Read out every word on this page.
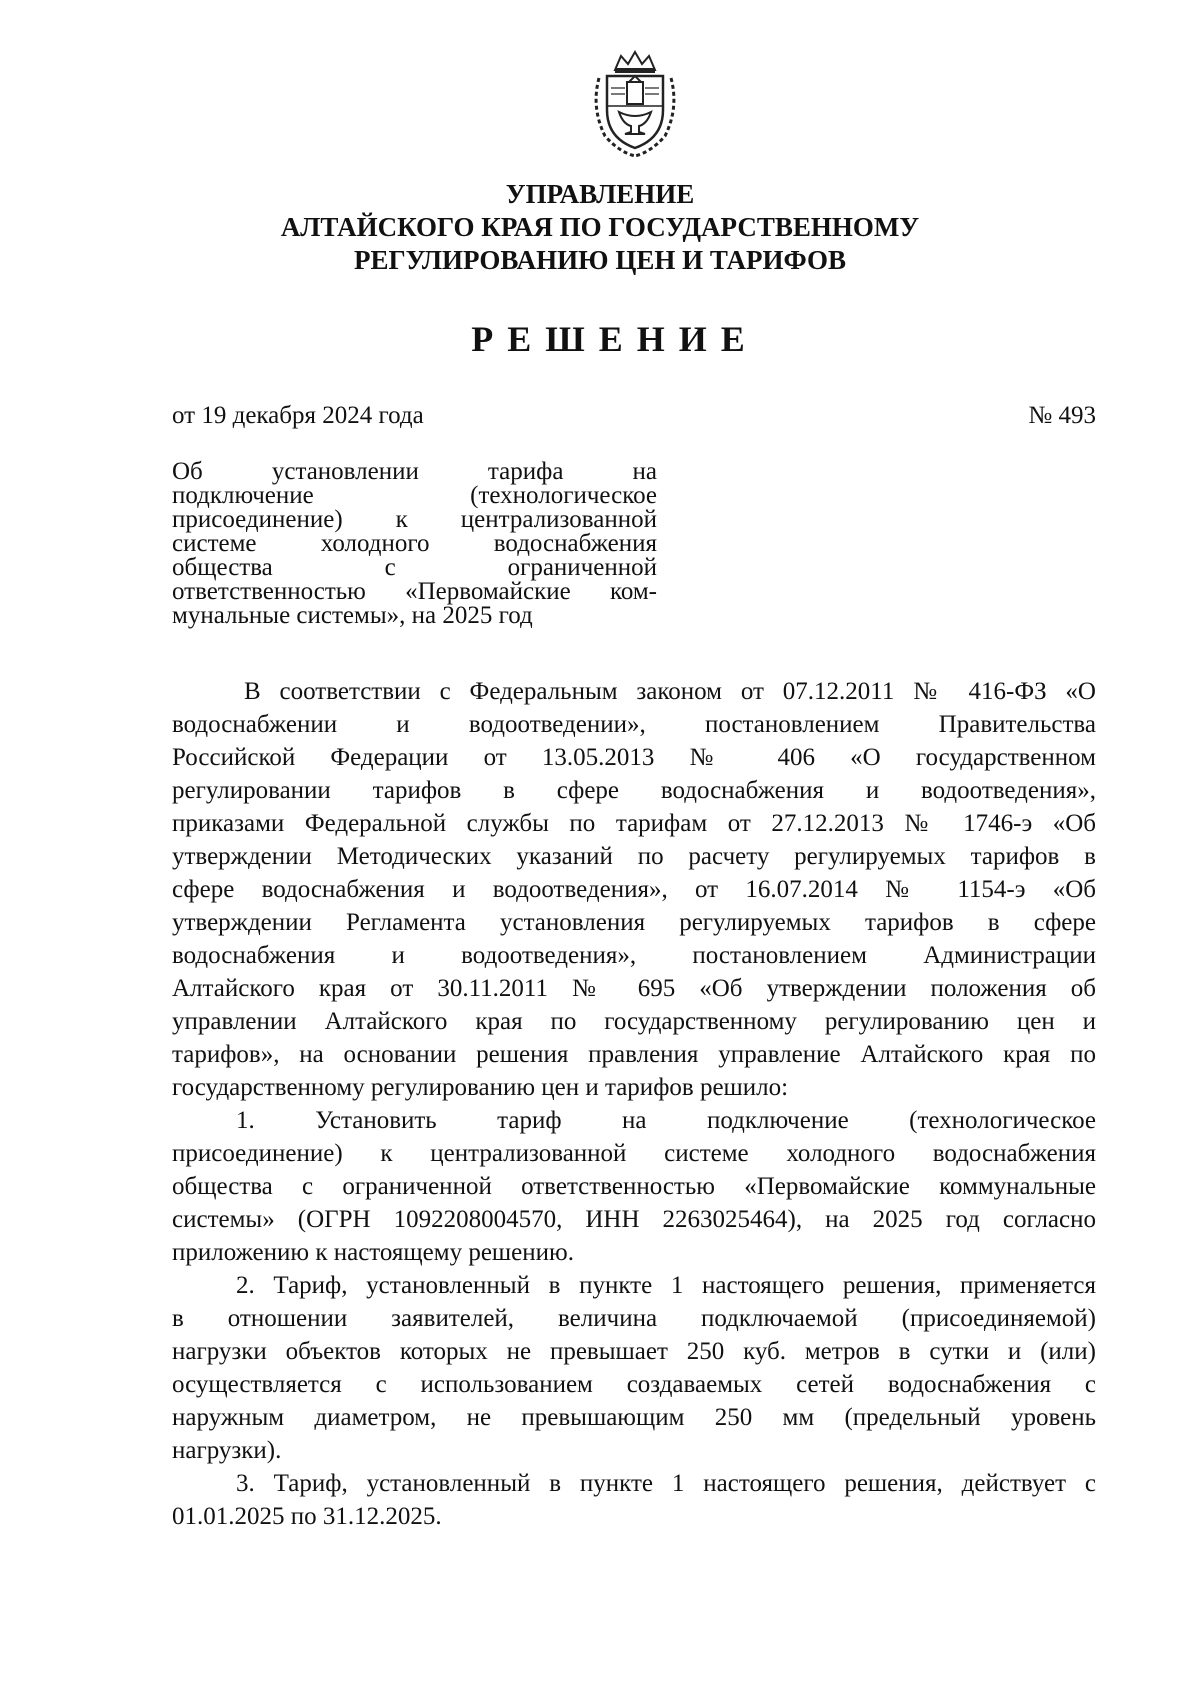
УПРАВЛЕНИЕ
АЛТАЙСКОГО КРАЯ ПО ГОСУДАРСТВЕННОМУ
РЕГУЛИРОВАНИЮ ЦЕН И ТАРИФОВ
РЕШЕНИЕ
от 19 декабря 2024 года	№ 493
Об установлении тарифа на
подключение (технологическое
присоединение) к централизованной
системе холодного водоснабжения
общества с ограниченной
ответственностью «Первомайские ком-
мунальные системы», на 2025 год
В соответствии с Федеральным законом от 07.12.2011 № 416-ФЗ «О
водоснабжении и водоотведении», постановлением Правительства
Российской Федерации от 13.05.2013 № 406 «О государственном
регулировании тарифов в сфере водоснабжения и водоотведения»,
приказами Федеральной службы по тарифам от 27.12.2013 № 1746-э «Об
утверждении Методических указаний по расчету регулируемых тарифов в
сфере водоснабжения и водоотведения», от 16.07.2014 № 1154-э «Об
утверждении Регламента установления регулируемых тарифов в сфере
водоснабжения и водоотведения», постановлением Администрации
Алтайского края от 30.11.2011 № 695 «Об утверждении положения об
управлении Алтайского края по государственному регулированию цен и
тарифов», на основании решения правления управление Алтайского края по
государственному регулированию цен и тарифов решило:
1. Установить тариф на подключение (технологическое
присоединение) к централизованной системе холодного водоснабжения
общества с ограниченной ответственностью «Первомайские коммунальные
системы» (ОГРН 1092208004570, ИНН 2263025464), на 2025 год согласно
приложению к настоящему решению.
2. Тариф, установленный в пункте 1 настоящего решения, применяется
в отношении заявителей, величина подключаемой (присоединяемой)
нагрузки объектов которых не превышает 250 куб. метров в сутки и (или)
осуществляется с использованием создаваемых сетей водоснабжения с
наружным диаметром, не превышающим 250 мм (предельный уровень
нагрузки).
3. Тариф, установленный в пункте 1 настоящего решения, действует с
01.01.2025 по 31.12.2025.
